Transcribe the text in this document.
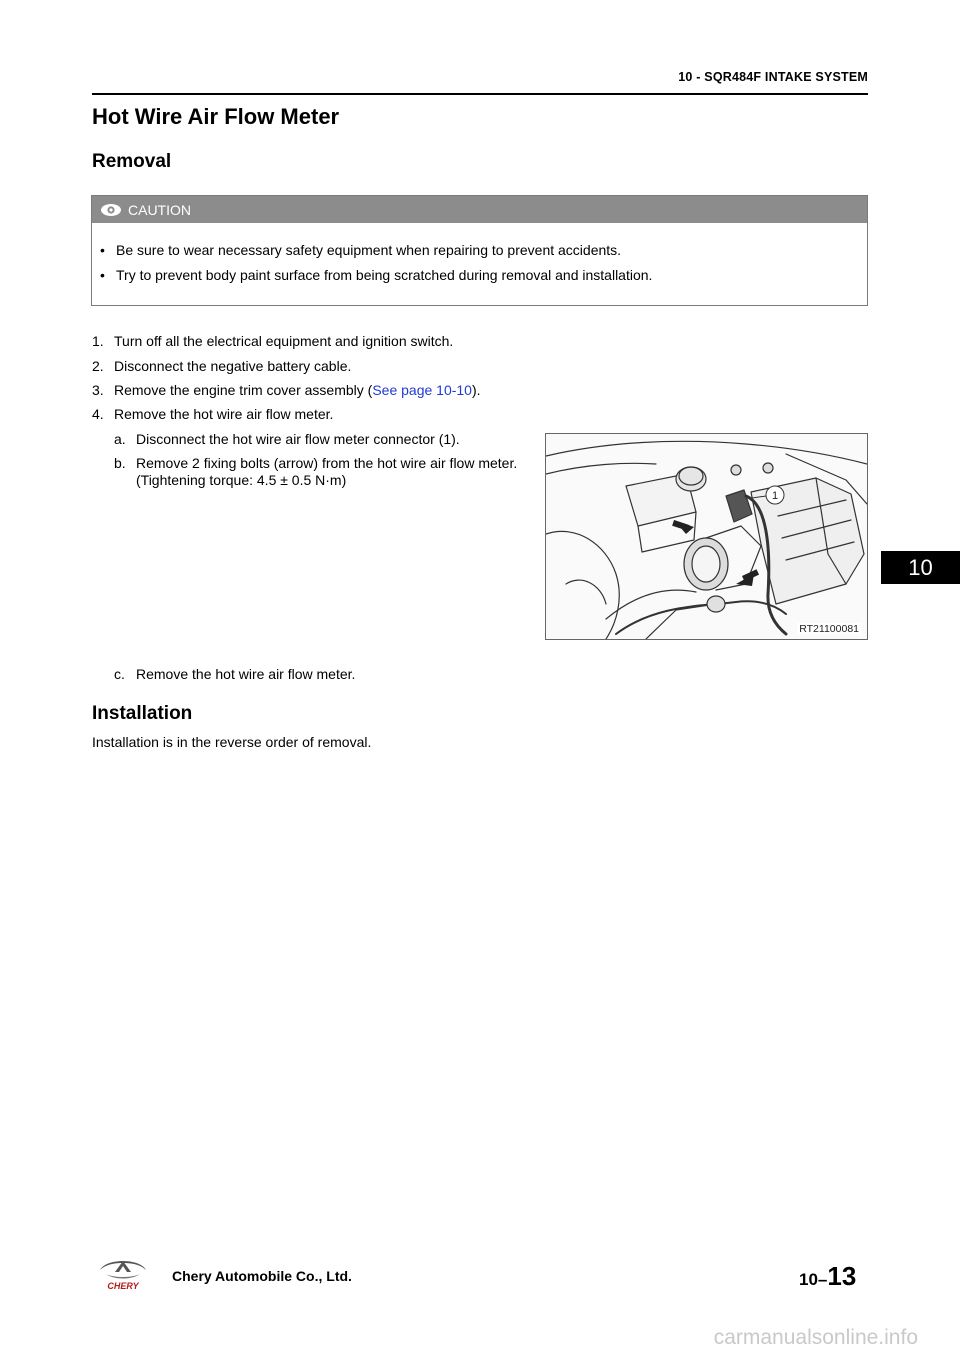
10 - SQR484F INTAKE SYSTEM
Hot Wire Air Flow Meter
Removal
CAUTION
• Be sure to wear necessary safety equipment when repairing to prevent accidents.
• Try to prevent body paint surface from being scratched during removal and installation.
1. Turn off all the electrical equipment and ignition switch.
2. Disconnect the negative battery cable.
3. Remove the engine trim cover assembly (See page 10-10).
4. Remove the hot wire air flow meter.
a. Disconnect the hot wire air flow meter connector (1).
b. Remove 2 fixing bolts (arrow) from the hot wire air flow meter.
(Tightening torque: 4.5 ± 0.5 N·m)
c. Remove the hot wire air flow meter.
1
RT21100081
Installation
Installation is in the reverse order of removal.
10
CHERY
Chery Automobile Co., Ltd.	10–13
carmanualsonline.info
